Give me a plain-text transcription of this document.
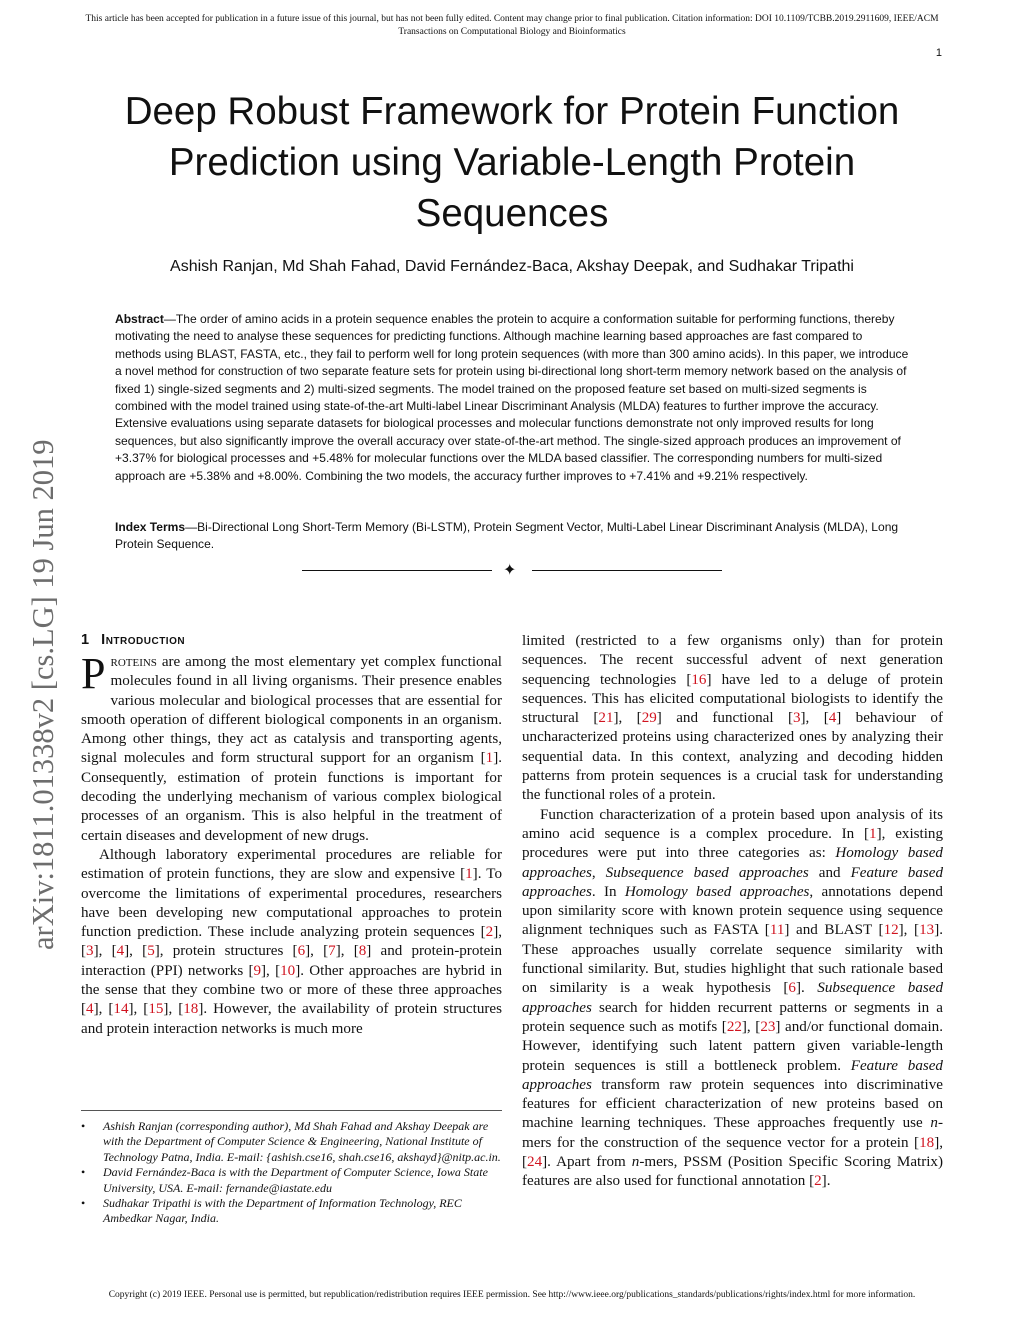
This article has been accepted for publication in a future issue of this journal, but has not been fully edited. Content may change prior to final publication. Citation information: DOI 10.1109/TCBB.2019.2911609, IEEE/ACM
Transactions on Computational Biology and Bioinformatics
1
Deep Robust Framework for Protein Function
Prediction using Variable-Length Protein
Sequences
Ashish Ranjan, Md Shah Fahad, David Fernández-Baca, Akshay Deepak, and Sudhakar Tripathi
Abstract—The order of amino acids in a protein sequence enables the protein to acquire a conformation suitable for performing functions, thereby motivating the need to analyse these sequences for predicting functions. Although machine learning based approaches are fast compared to methods using BLAST, FASTA, etc., they fail to perform well for long protein sequences (with more than 300 amino acids). In this paper, we introduce a novel method for construction of two separate feature sets for protein using bi-directional long short-term memory network based on the analysis of fixed 1) single-sized segments and 2) multi-sized segments. The model trained on the proposed feature set based on multi-sized segments is combined with the model trained using state-of-the-art Multi-label Linear Discriminant Analysis (MLDA) features to further improve the accuracy. Extensive evaluations using separate datasets for biological processes and molecular functions demonstrate not only improved results for long sequences, but also significantly improve the overall accuracy over state-of-the-art method. The single-sized approach produces an improvement of +3.37% for biological processes and +5.48% for molecular functions over the MLDA based classifier. The corresponding numbers for multi-sized approach are +5.38% and +8.00%. Combining the two models, the accuracy further improves to +7.41% and +9.21% respectively.
Index Terms—Bi-Directional Long Short-Term Memory (Bi-LSTM), Protein Segment Vector, Multi-Label Linear Discriminant Analysis (MLDA), Long Protein Sequence.
✦
arXiv:1811.01338v2 [cs.LG] 19 Jun 2019 1 Introduction

Proteins are among the most elementary yet complex functional molecules found in all living organisms. Their presence enables various molecular and biological processes that are essential for smooth operation of different biological components in an organism. Among other things, they act as catalysis and transporting agents, signal molecules and form structural support for an organism [1]. Consequently, estimation of protein functions is important for decoding the underlying mechanism of various complex biological processes of an organism. This is also helpful in the treatment of certain diseases and development of new drugs.

Although laboratory experimental procedures are reliable for estimation of protein functions, they are slow and expensive [1]. To overcome the limitations of experimental procedures, researchers have been developing new computational approaches to protein function prediction. These include analyzing protein sequences [2], [3], [4], [5], protein structures [6], [7], [8] and protein-protein interaction (PPI) networks [9], [10]. Other approaches are hybrid in the sense that they combine two or more of these three approaches [4], [14], [15], [18]. However, the availability of protein structures and protein interaction networks is much more

• Ashish Ranjan (corresponding author), Md Shah Fahad and Akshay Deepak are with the Department of Computer Science & Engineering, National Institute of Technology Patna, India. E-mail: {ashish.cse16, shah.cse16, akshayd}@nitp.ac.in.
• David Fernández-Baca is with the Department of Computer Science, Iowa State University, USA. E-mail: fernande@iastate.edu
• Sudhakar Tripathi is with the Department of Information Technology, REC Ambedkar Nagar, India.

limited (restricted to a few organisms only) than for protein sequences. The recent successful advent of next generation sequencing technologies [16] have led to a deluge of protein sequences. This has elicited computational biologists to identify the structural [21], [29] and functional [3], [4] behaviour of uncharacterized proteins using characterized ones by analyzing their sequential data. In this context, analyzing and decoding hidden patterns from protein sequences is a crucial task for understanding the functional roles of a protein.

Function characterization of a protein based upon analysis of its amino acid sequence is a complex procedure. In [1], existing procedures were put into three categories as: Homology based approaches, Subsequence based approaches and Feature based approaches. In Homology based approaches, annotations depend upon similarity score with known protein sequence using sequence alignment techniques such as FASTA [11] and BLAST [12], [13]. These approaches usually correlate sequence similarity with functional similarity. But, studies highlight that such rationale based on similarity is a weak hypothesis [6]. Subsequence based approaches search for hidden recurrent patterns or segments in a protein sequence such as motifs [22], [23] and/or functional domain. However, identifying such latent pattern given variable-length protein sequences is still a bottleneck problem. Feature based approaches transform raw protein sequences into discriminative features for efficient characterization of new proteins based on machine learning techniques. These approaches frequently use n-mers for the construction of the sequence vector for a protein [18], [24]. Apart from n-mers, PSSM (Position Specific Scoring Matrix) features are also used for functional annotation [2].

Copyright (c) 2019 IEEE. Personal use is permitted, but republication/redistribution requires IEEE permission. See http://www.ieee.org/publications_standards/publications/rights/index.html for more information.
